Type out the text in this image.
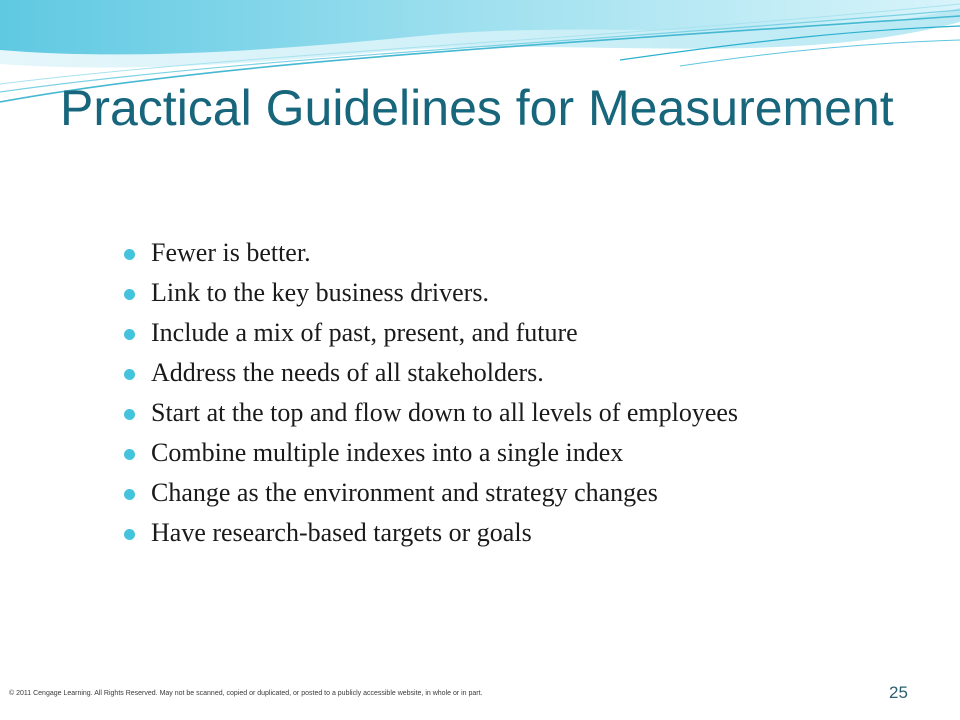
Practical Guidelines for Measurement
Fewer is better.
Link to the key business drivers.
Include a mix of past, present, and future
Address the needs of all stakeholders.
Start at the top and flow down to all levels of employees
Combine multiple indexes into a single index
Change as the environment and strategy changes
Have research-based targets or goals
© 2011 Cengage Learning. All Rights Reserved. May not be scanned, copied or duplicated, or posted to a publicly accessible website, in whole or in part.	25
